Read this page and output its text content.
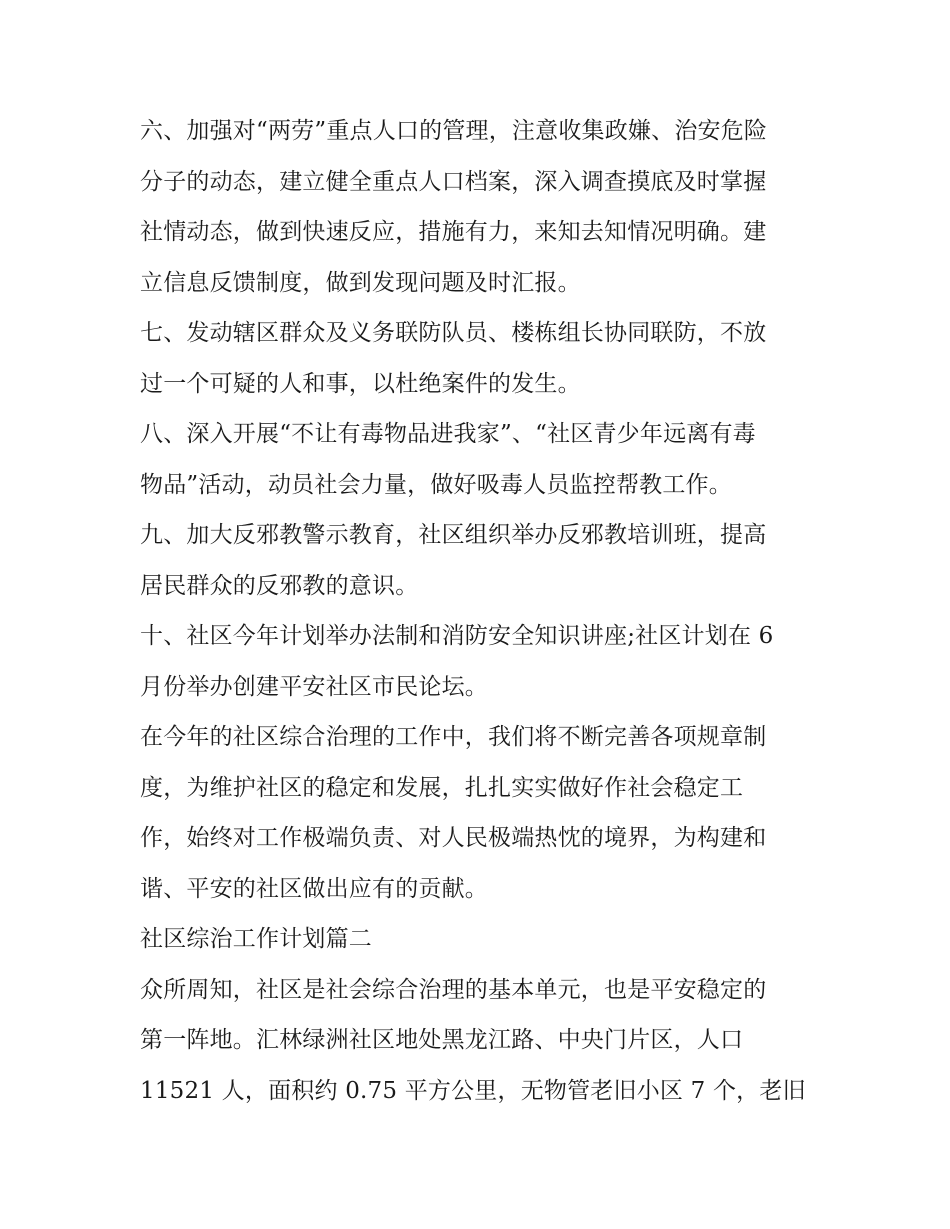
六、加强对“两劳”重点人口的管理，注意收集政嫌、治安危险
分子的动态，建立健全重点人口档案，深入调查摸底及时掌握
社情动态，做到快速反应，措施有力，来知去知情况明确。建
立信息反馈制度，做到发现问题及时汇报。
七、发动辖区群众及义务联防队员、楼栋组长协同联防，不放
过一个可疑的人和事，以杜绝案件的发生。
八、深入开展“不让有毒物品进我家”、“社区青少年远离有毒
物品”活动，动员社会力量，做好吸毒人员监控帮教工作。
九、加大反邪教警示教育，社区组织举办反邪教培训班，提高
居民群众的反邪教的意识。
十、社区今年计划举办法制和消防安全知识讲座;社区计划在 6
月份举办创建平安社区市民论坛。
在今年的社区综合治理的工作中，我们将不断完善各项规章制
度，为维护社区的稳定和发展，扎扎实实做好作社会稳定工
作，始终对工作极端负责、对人民极端热忱的境界，为构建和
谐、平安的社区做出应有的贡献。
社区综治工作计划篇二
众所周知，社区是社会综合治理的基本单元，也是平安稳定的
第一阵地。汇林绿洲社区地处黑龙江路、中央门片区，人口
11521 人，面积约 0.75 平方公里，无物管老旧小区 7 个，老旧
